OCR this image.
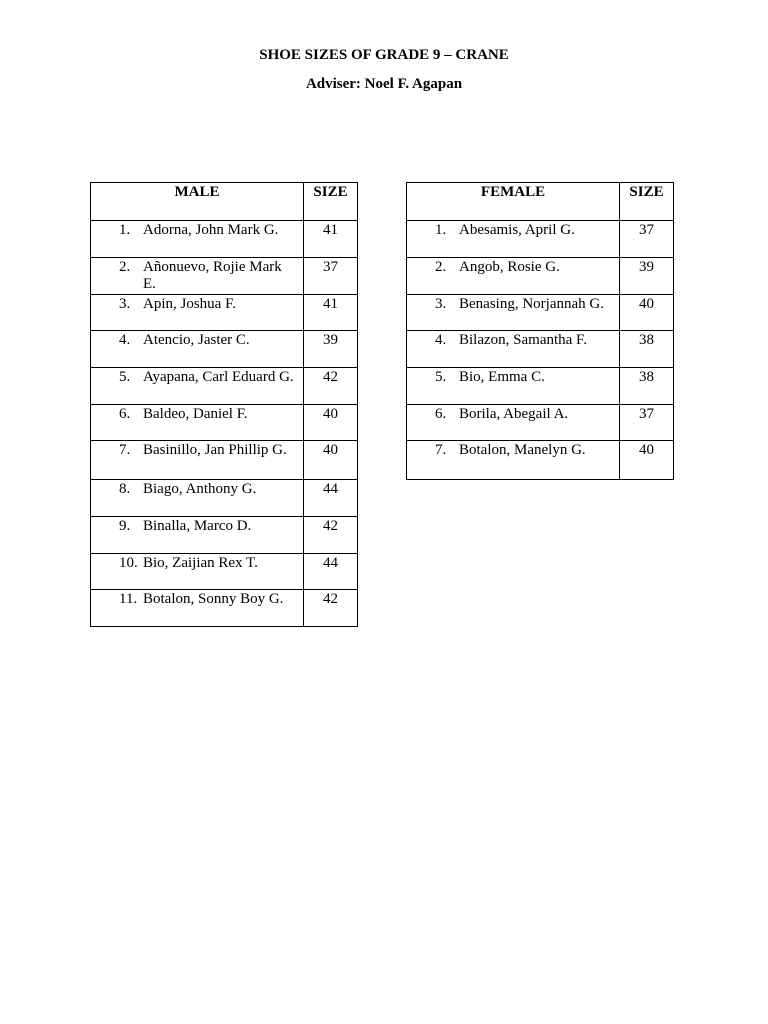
SHOE SIZES OF GRADE 9 – CRANE
Adviser: Noel F. Agapan
MALE	SIZE

1. Adorna, John Mark G.	41

2. Añonuevo, Rojie Mark E.	37

3. Apin, Joshua F.	41

4. Atencio, Jaster C.	39

5. Ayapana, Carl Eduard G.	42

6. Baldeo, Daniel F.	40

7. Basinillo, Jan Phillip G.	40

8. Biago, Anthony G.	44

9. Binalla, Marco D.	42

10. Bio, Zaijian Rex T.	44

11. Botalon, Sonny Boy G.	42
FEMALE	SIZE

1. Abesamis, April G.	37

2. Angob, Rosie G.	39

3. Benasing, Norjannah G.	40

4. Bilazon, Samantha F.	38

5. Bio, Emma C.	38

6. Borila, Abegail A.	37

7. Botalon, Manelyn G.	40
